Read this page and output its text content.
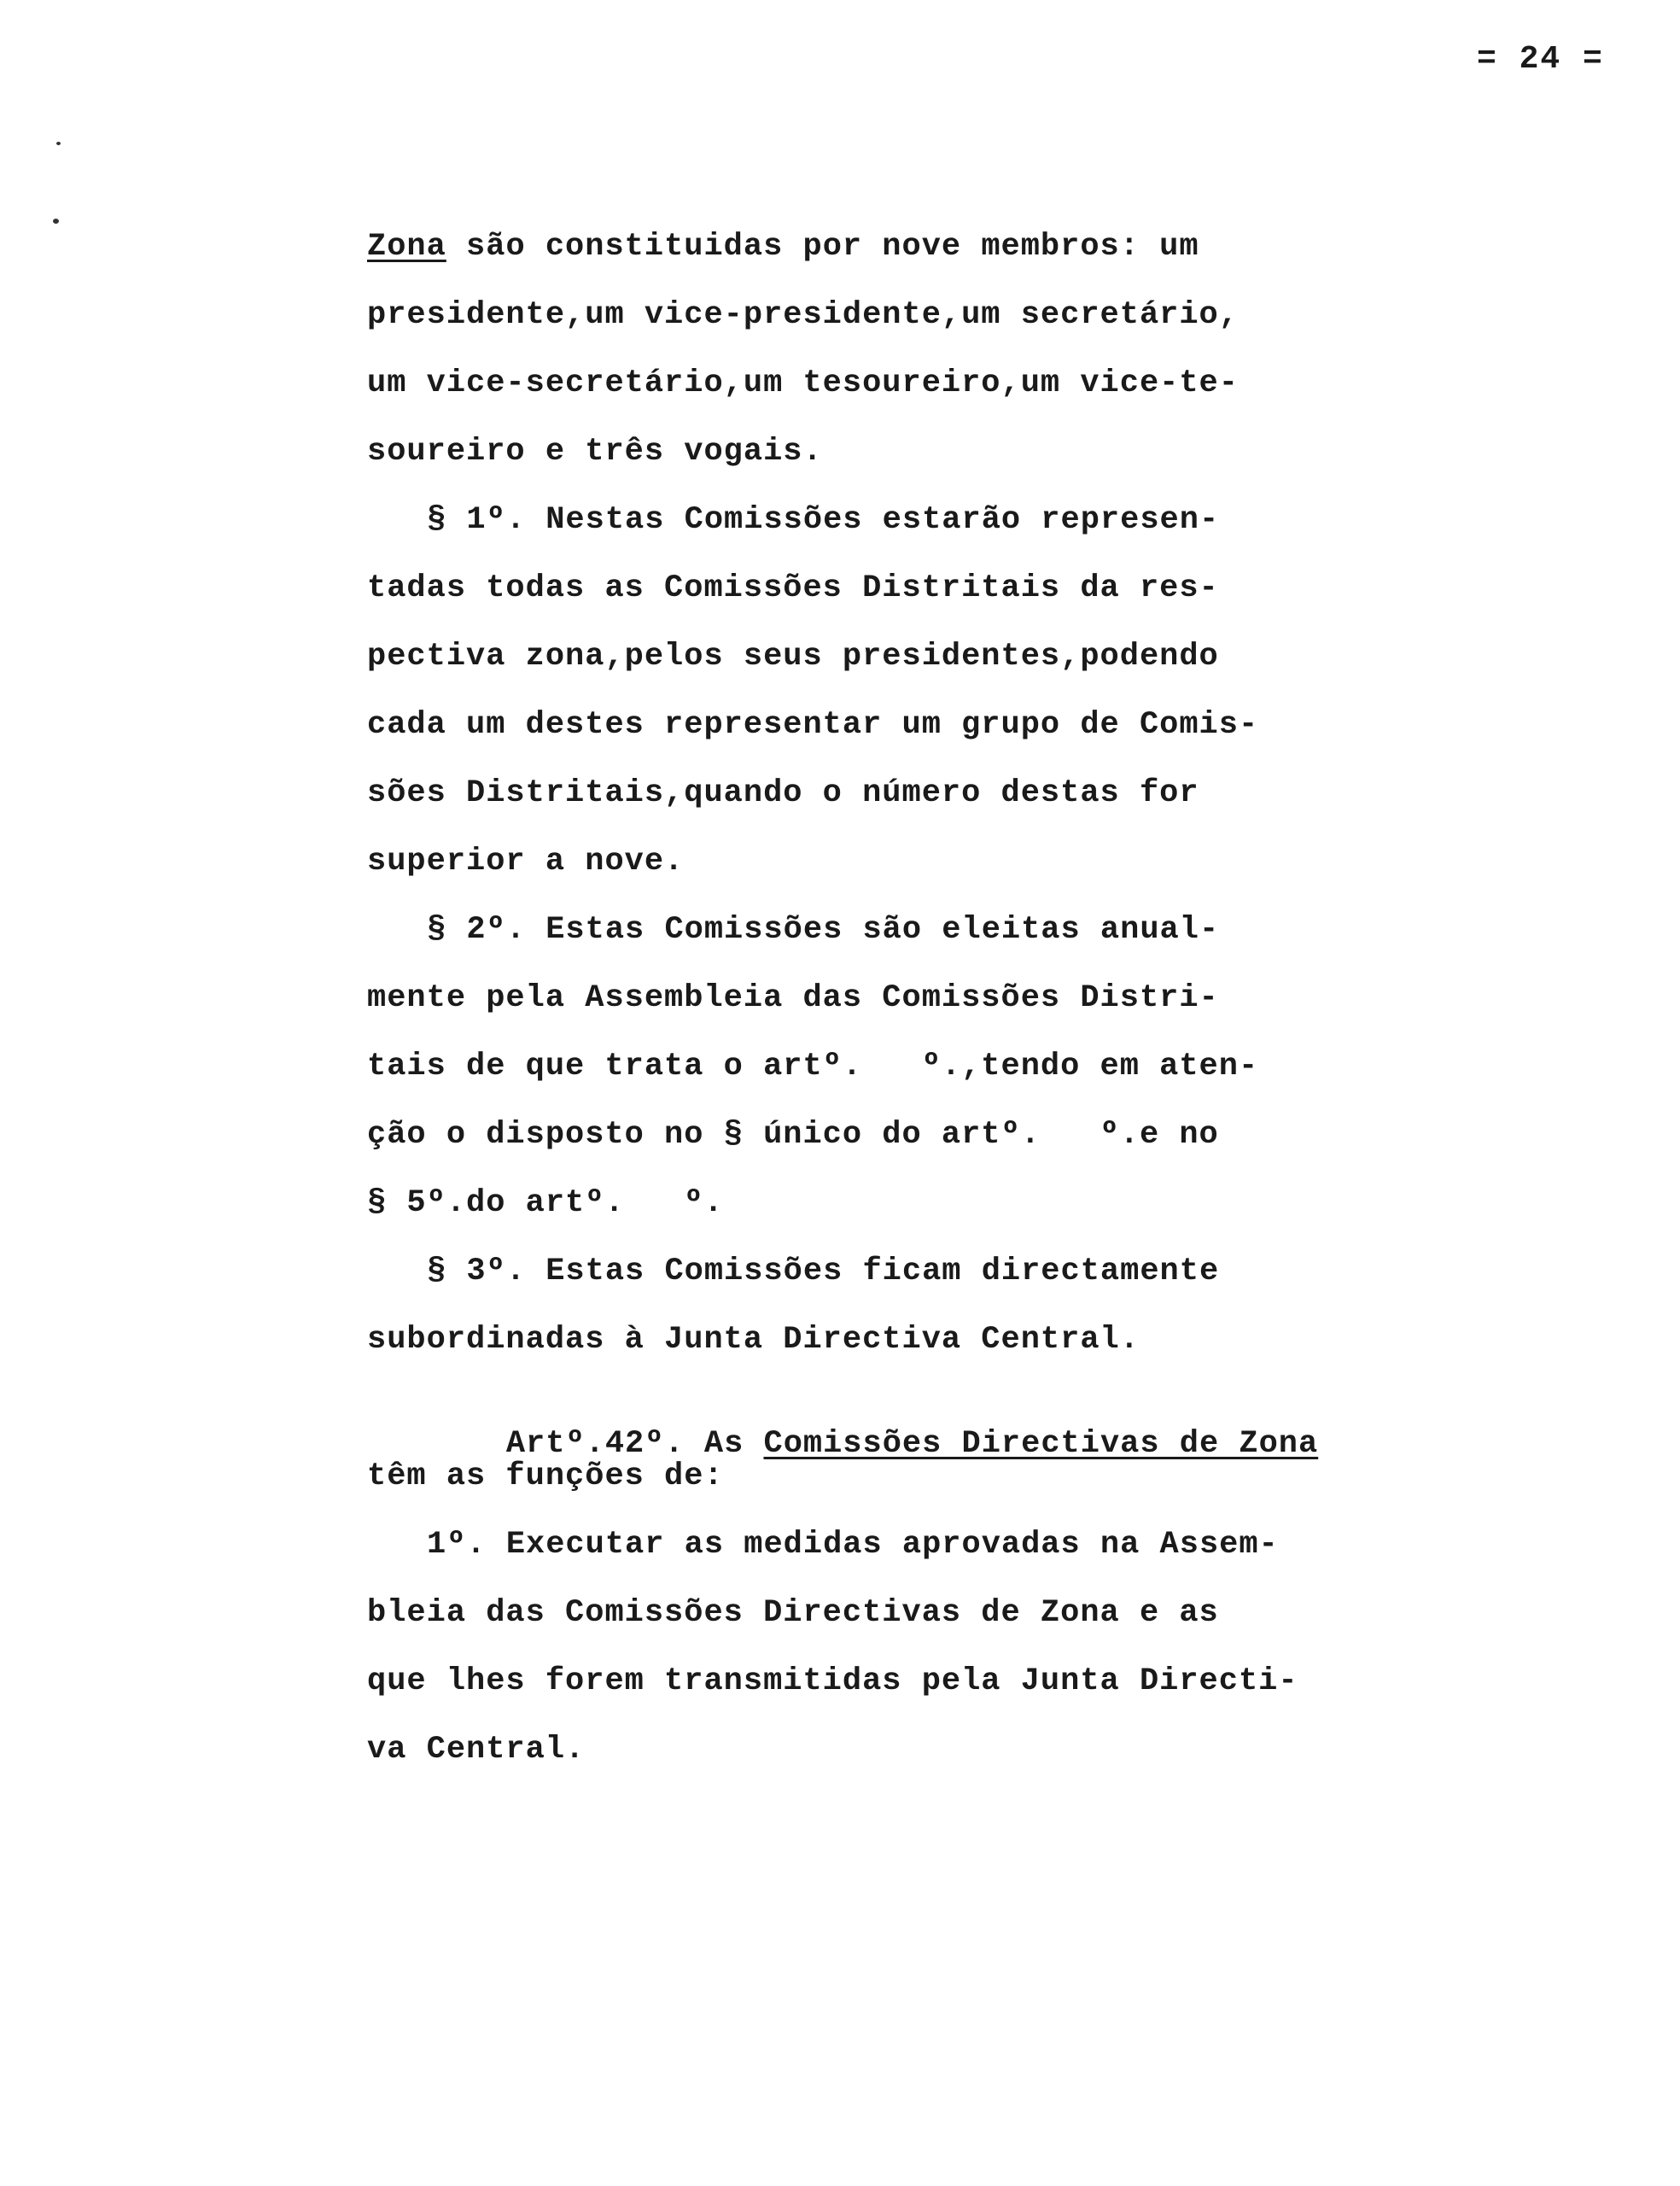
= 24 =
Zona são constituidas por nove membros: um
presidente,um vice-presidente,um secretário,
um vice-secretário,um tesoureiro,um vice-te-
soureiro e três vogais.
§ 1º. Nestas Comissões estarão represen-
tadas todas as Comissões Distritais da res-
pectiva zona,pelos seus presidentes,podendo
cada um destes representar um grupo de Comis-
sões Distritais,quando o número destas for
superior a nove.
§ 2º. Estas Comissões são eleitas anual-
mente pela Assembleia das Comissões Distri-
tais de que trata o artº.   º.,tendo em aten-
ção o disposto no § único do artº.   º.e no
§ 5º.do artº.   º.
§ 3º. Estas Comissões ficam directamente
subordinadas à Junta Directiva Central.

Artº.42º. As Comissões Directivas de Zona

têm as funções de:
1º. Executar as medidas aprovadas na Assem-
bleia das Comissões Directivas de Zona e as
que lhes forem transmitidas pela Junta Directi-
va Central.
